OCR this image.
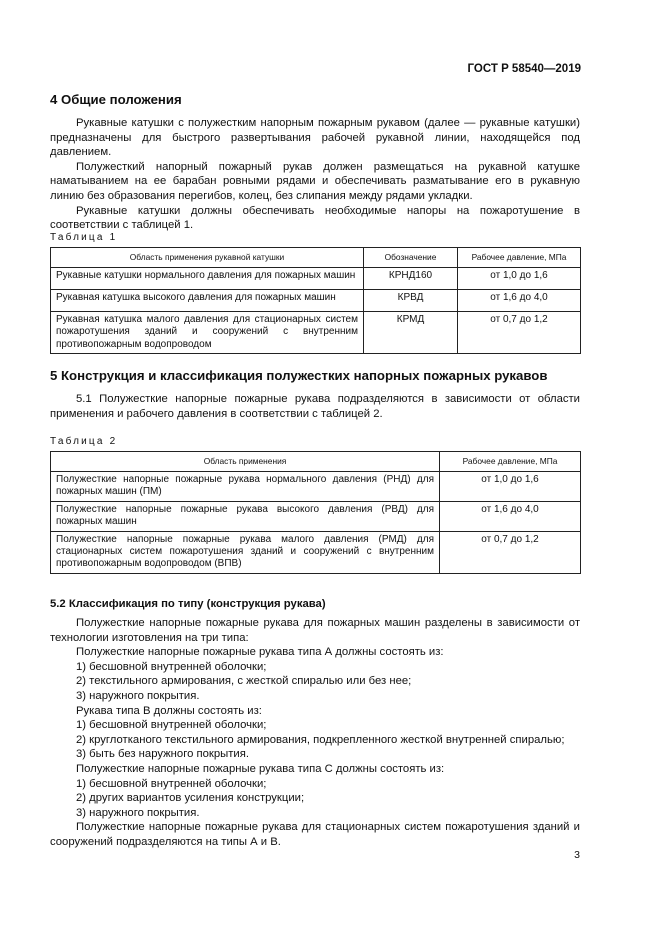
ГОСТ Р 58540—2019
4 Общие положения

Рукавные катушки с полужестким напорным пожарным рукавом (далее — рукавные катушки) предназначены для быстрого развертывания рабочей рукавной линии, находящейся под давлением.

Полужесткий напорный пожарный рукав должен размещаться на рукавной катушке наматыванием на ее барабан ровными рядами и обеспечивать разматывание его в рукавную линию без образования перегибов, колец, без слипания между рядами укладки.

Рукавные катушки должны обеспечивать необходимые напоры на пожаротушение в соответствии с таблицей 1.

Таблица 1
Область применения рукавной катушки	Обозначение	Рабочее давление, МПа
Рукавные катушки нормального давления для пожарных машин	КРНД160	от 1,0 до 1,6
Рукавная катушка высокого давления для пожарных машин	КРВД	от 1,6 до 4,0
Рукавная катушка малого давления для стационарных систем пожаротушения зданий и сооружений с внутренним противопожарным водопроводом	КРМД	от 0,7 до 1,2
5 Конструкция и классификация полужестких напорных пожарных рукавов

5.1 Полужесткие напорные пожарные рукава подразделяются в зависимости от области применения и рабочего давления в соответствии с таблицей 2.

Таблица 2
Область применения	Рабочее давление, МПа
Полужесткие напорные пожарные рукава нормального давления (РНД) для пожарных машин (ПМ)	от 1,0 до 1,6
Полужесткие напорные пожарные рукава высокого давления (РВД) для пожарных машин	от 1,6 до 4,0
Полужесткие напорные пожарные рукава малого давления (РМД) для стационарных систем пожаротушения зданий и сооружений с внутренним противопожарным водопроводом (ВПВ)	от 0,7 до 1,2
5.2 Классификация по типу (конструкция рукава)

Полужесткие напорные пожарные рукава для пожарных машин разделены в зависимости от технологии изготовления на три типа:

Полужесткие напорные пожарные рукава типа А должны состоять из:

1) бесшовной внутренней оболочки;

2) текстильного армирования, с жесткой спиралью или без нее;

3) наружного покрытия.

Рукава типа В должны состоять из:

1) бесшовной внутренней оболочки;

2) круглотканого текстильного армирования, подкрепленного жесткой внутренней спиралью;

3) быть без наружного покрытия.

Полужесткие напорные пожарные рукава типа С должны состоять из:

1) бесшовной внутренней оболочки;

2) других вариантов усиления конструкции;

3) наружного покрытия.

Полужесткие напорные пожарные рукава для стационарных систем пожаротушения зданий и сооружений подразделяются на типы А и В.

3
